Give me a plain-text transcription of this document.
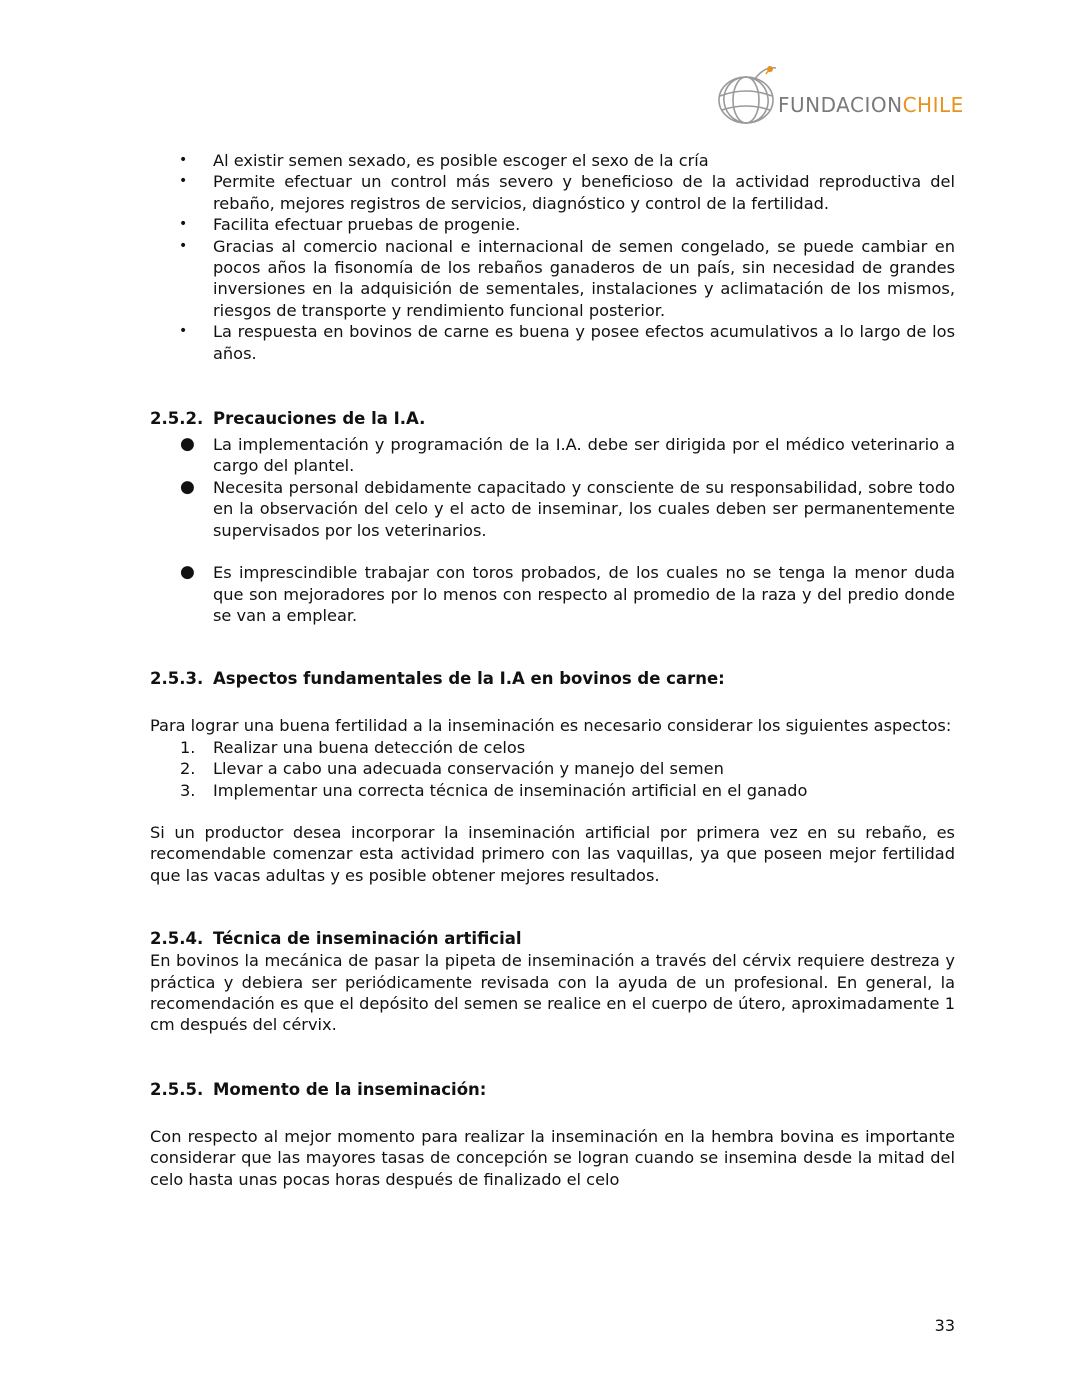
FUNDACIONCHILE
• Al existir semen sexado, es posible escoger el sexo de la cría
• Permite efectuar un control más severo y beneficioso de la actividad reproductiva del rebaño, mejores registros de servicios, diagnóstico y control de la fertilidad.
• Facilita efectuar pruebas de progenie.
• Gracias al comercio nacional e internacional de semen congelado, se puede cambiar en pocos años la fisonomía de los rebaños ganaderos de un país, sin necesidad de grandes inversiones en la adquisición de sementales, instalaciones y aclimatación de los mismos, riesgos de transporte y rendimiento funcional posterior.
• La respuesta en bovinos de carne es buena y posee efectos acumulativos a lo largo de los años.
2.5.2. Precauciones de la I.A.
● La implementación y programación de la I.A. debe ser dirigida por el médico veterinario a cargo del plantel.
● Necesita personal debidamente capacitado y consciente de su responsabilidad, sobre todo en la observación del celo y el acto de inseminar, los cuales deben ser permanentemente supervisados por los veterinarios.
● Es imprescindible trabajar con toros probados, de los cuales no se tenga la menor duda que son mejoradores por lo menos con respecto al promedio de la raza y del predio donde se van a emplear.
2.5.3. Aspectos fundamentales de la I.A en bovinos de carne:

Para lograr una buena fertilidad a la inseminación es necesario considerar los siguientes aspectos:

1. Realizar una buena detección de celos
2. Llevar a cabo una adecuada conservación y manejo del semen
3. Implementar una correcta técnica de inseminación artificial en el ganado

Si un productor desea incorporar la inseminación artificial por primera vez en su rebaño, es recomendable comenzar esta actividad primero con las vaquillas, ya que poseen mejor fertilidad que las vacas adultas y es posible obtener mejores resultados.

2.5.4. Técnica de inseminación artificial

En bovinos la mecánica de pasar la pipeta de inseminación a través del cérvix requiere destreza y práctica y debiera ser periódicamente revisada con la ayuda de un profesional. En general, la recomendación es que el depósito del semen se realice en el cuerpo de útero, aproximadamente 1 cm después del cérvix.

2.5.5. Momento de la inseminación:

Con respecto al mejor momento para realizar la inseminación en la hembra bovina es importante considerar que las mayores tasas de concepción se logran cuando se insemina desde la mitad del celo hasta unas pocas horas después de finalizado el celo

33
